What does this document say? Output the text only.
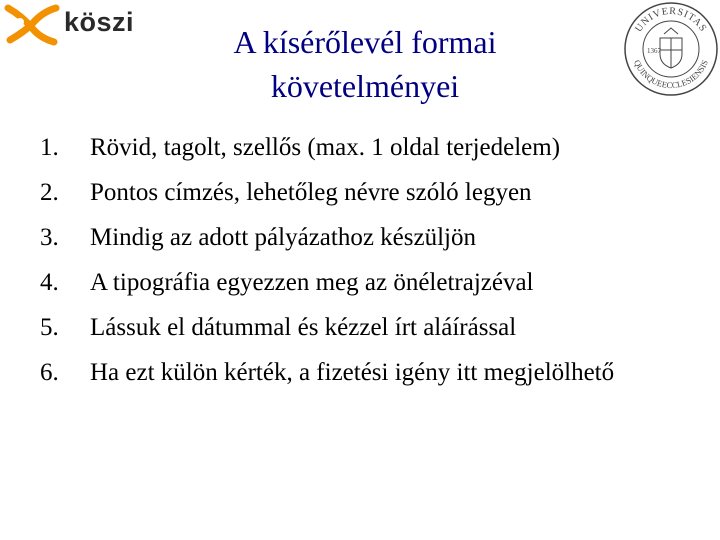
köszi	UNIVERSITAS
QUINQUEECCLESIENSIS
1367
A kísérőlevél formai
követelményei
1.	Rövid, tagolt, szellős (max. 1 oldal terjedelem)
2.	Pontos címzés, lehetőleg névre szóló legyen
3.	Mindig az adott pályázathoz készüljön
4.	A tipográfia egyezzen meg az önéletrajzéval
5.	Lássuk el dátummal és kézzel írt aláírással
6.	Ha ezt külön kérték, a fizetési igény itt megjelölhető
